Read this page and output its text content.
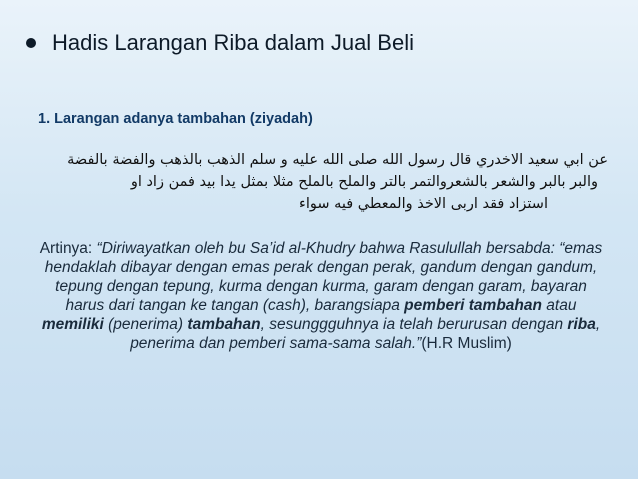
Hadis Larangan Riba dalam Jual Beli
1. Larangan adanya tambahan (ziyadah)
عن ابي سعيد الاخدري قال رسول الله صلى الله عليه و سلم الذهب بالذهب والفضة بالفضة
والبر بالبر والشعر بالشعروالتمر بالتر والملح بالملح مثلا بمثل يدا بيد فمن زاد او
استزاد فقد اربى الاخذ والمعطي فيه سواء
Artinya: “Diriwayatkan oleh bu Sa’id al-Khudry bahwa Rasulullah bersabda: “emas hendaklah dibayar dengan emas perak dengan perak, gandum dengan gandum, tepung dengan tepung, kurma dengan kurma, garam dengan garam, bayaran harus dari tangan ke tangan (cash), barangsiapa pemberi tambahan atau memiliki (penerima) tambahan, sesunggguhnya ia telah berurusan dengan riba, penerima dan pemberi sama-sama salah.”(H.R Muslim)
